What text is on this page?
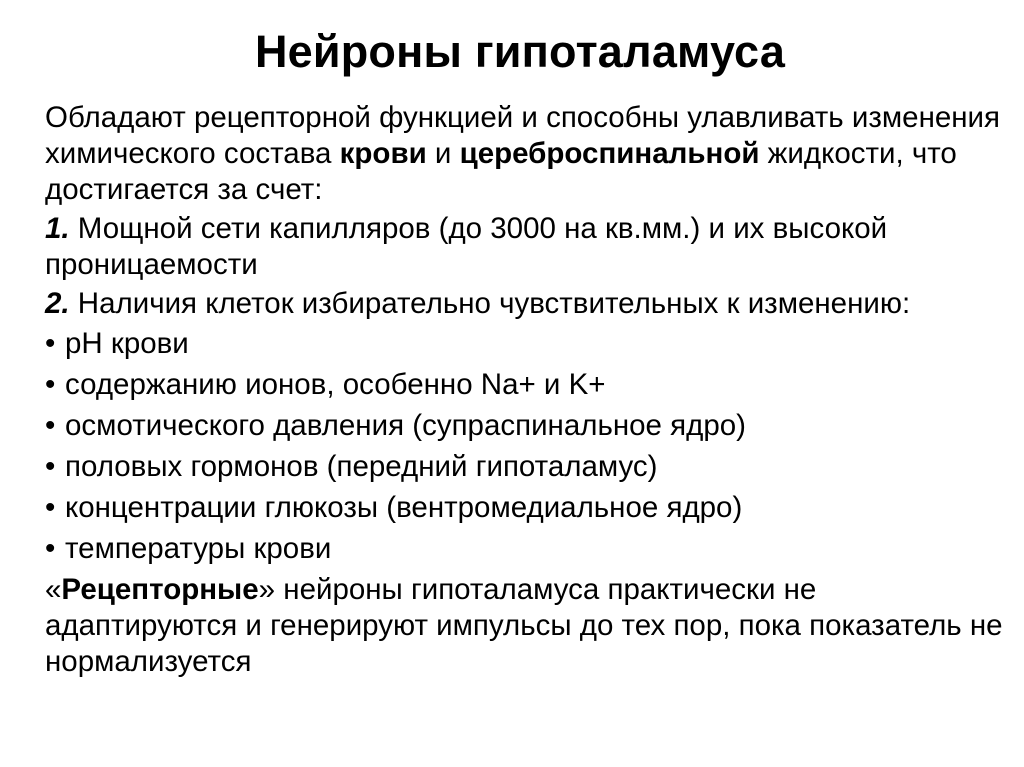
Нейроны гипоталамуса

Обладают рецепторной функцией и способны улавливать изменения химического состава крови и цереброспинальной жидкости, что достигается за счет:

1. Мощной сети капилляров (до 3000 на кв.мм.) и их высокой проницаемости

2. Наличия клеток избирательно чувствительных к изменению:

• рН крови
• содержанию ионов, особенно Na+ и K+
• осмотического давления (супраспинальное ядро)
• половых гормонов (передний гипоталамус)
• концентрации глюкозы (вентромедиальное ядро)
• температуры крови

«Рецепторные» нейроны гипоталамуса практически не адаптируются и генерируют импульсы до тех пор, пока показатель не нормализуется
